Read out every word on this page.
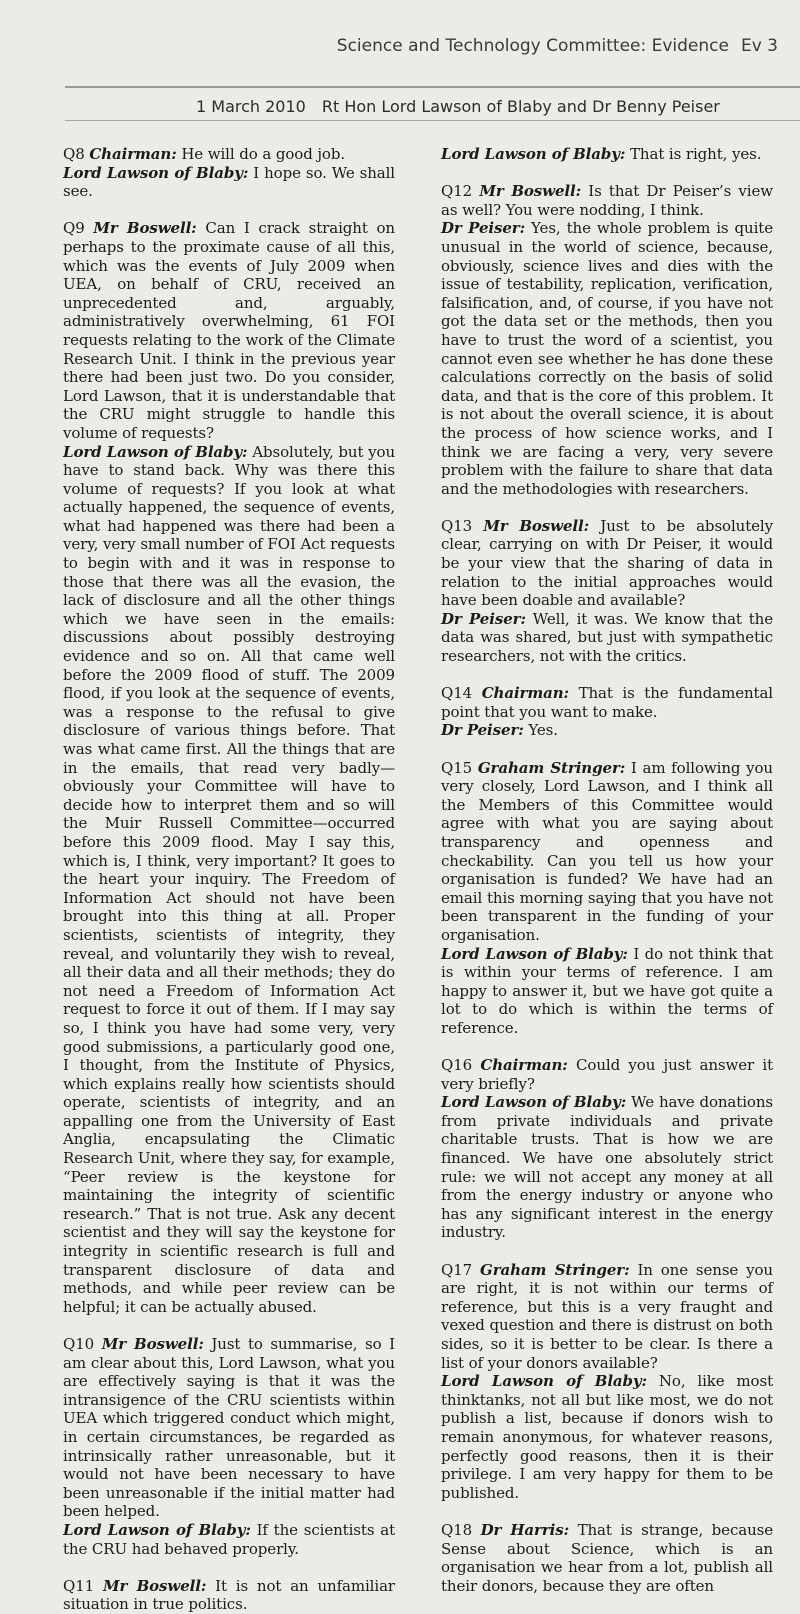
Science and Technology Committee: Evidence Ev 3
1 March 2010 Rt Hon Lord Lawson of Blaby and Dr Benny Peiser

Q8 Chairman: He will do a good job.

Lord Lawson of Blaby: I hope so. We shall see.

Q9 Mr Boswell: Can I crack straight on perhaps to the proximate cause of all this, which was the events of July 2009 when UEA, on behalf of CRU, received an unprecedented and, arguably, administratively overwhelming, 61 FOI requests relating to the work of the Climate Research Unit. I think in the previous year there had been just two. Do you consider, Lord Lawson, that it is understandable that the CRU might struggle to handle this volume of requests?

Lord Lawson of Blaby: Absolutely, but you have to stand back. Why was there this volume of requests? If you look at what actually happened, the sequence of events, what had happened was there had been a very, very small number of FOI Act requests to begin with and it was in response to those that there was all the evasion, the lack of disclosure and all the other things which we have seen in the emails: discussions about possibly destroying evidence and so on. All that came well before the 2009 flood of stuff. The 2009 flood, if you look at the sequence of events, was a response to the refusal to give disclosure of various things before. That was what came first. All the things that are in the emails, that read very badly—obviously your Committee will have to decide how to interpret them and so will the Muir Russell Committee—occurred before this 2009 flood. May I say this, which is, I think, very important? It goes to the heart your inquiry. The Freedom of Information Act should not have been brought into this thing at all. Proper scientists, scientists of integrity, they reveal, and voluntarily they wish to reveal, all their data and all their methods; they do not need a Freedom of Information Act request to force it out of them. If I may say so, I think you have had some very, very good submissions, a particularly good one, I thought, from the Institute of Physics, which explains really how scientists should operate, scientists of integrity, and an appalling one from the University of East Anglia, encapsulating the Climatic Research Unit, where they say, for example, “Peer review is the keystone for maintaining the integrity of scientific research.” That is not true. Ask any decent scientist and they will say the keystone for integrity in scientific research is full and transparent disclosure of data and methods, and while peer review can be helpful; it can be actually abused.

Q10 Mr Boswell: Just to summarise, so I am clear about this, Lord Lawson, what you are effectively saying is that it was the intransigence of the CRU scientists within UEA which triggered conduct which might, in certain circumstances, be regarded as intrinsically rather unreasonable, but it would not have been necessary to have been unreasonable if the initial matter had been helped.

Lord Lawson of Blaby: If the scientists at the CRU had behaved properly.

Q11 Mr Boswell: It is not an unfamiliar situation in true politics.

Lord Lawson of Blaby: That is right, yes.

Q12 Mr Boswell: Is that Dr Peiser’s view as well? You were nodding, I think.

Dr Peiser: Yes, the whole problem is quite unusual in the world of science, because, obviously, science lives and dies with the issue of testability, replication, verification, falsification, and, of course, if you have not got the data set or the methods, then you have to trust the word of a scientist, you cannot even see whether he has done these calculations correctly on the basis of solid data, and that is the core of this problem. It is not about the overall science, it is about the process of how science works, and I think we are facing a very, very severe problem with the failure to share that data and the methodologies with researchers.

Q13 Mr Boswell: Just to be absolutely clear, carrying on with Dr Peiser, it would be your view that the sharing of data in relation to the initial approaches would have been doable and available?

Dr Peiser: Well, it was. We know that the data was shared, but just with sympathetic researchers, not with the critics.

Q14 Chairman: That is the fundamental point that you want to make.

Dr Peiser: Yes.

Q15 Graham Stringer: I am following you very closely, Lord Lawson, and I think all the Members of this Committee would agree with what you are saying about transparency and openness and checkability. Can you tell us how your organisation is funded? We have had an email this morning saying that you have not been transparent in the funding of your organisation.

Lord Lawson of Blaby: I do not think that is within your terms of reference. I am happy to answer it, but we have got quite a lot to do which is within the terms of reference.

Q16 Chairman: Could you just answer it very briefly?

Lord Lawson of Blaby: We have donations from private individuals and private charitable trusts. That is how we are financed. We have one absolutely strict rule: we will not accept any money at all from the energy industry or anyone who has any significant interest in the energy industry.

Q17 Graham Stringer: In one sense you are right, it is not within our terms of reference, but this is a very fraught and vexed question and there is distrust on both sides, so it is better to be clear. Is there a list of your donors available?

Lord Lawson of Blaby: No, like most thinktanks, not all but like most, we do not publish a list, because if donors wish to remain anonymous, for whatever reasons, perfectly good reasons, then it is their privilege. I am very happy for them to be published.

Q18 Dr Harris: That is strange, because Sense about Science, which is an organisation we hear from a lot, publish all their donors, because they are often
